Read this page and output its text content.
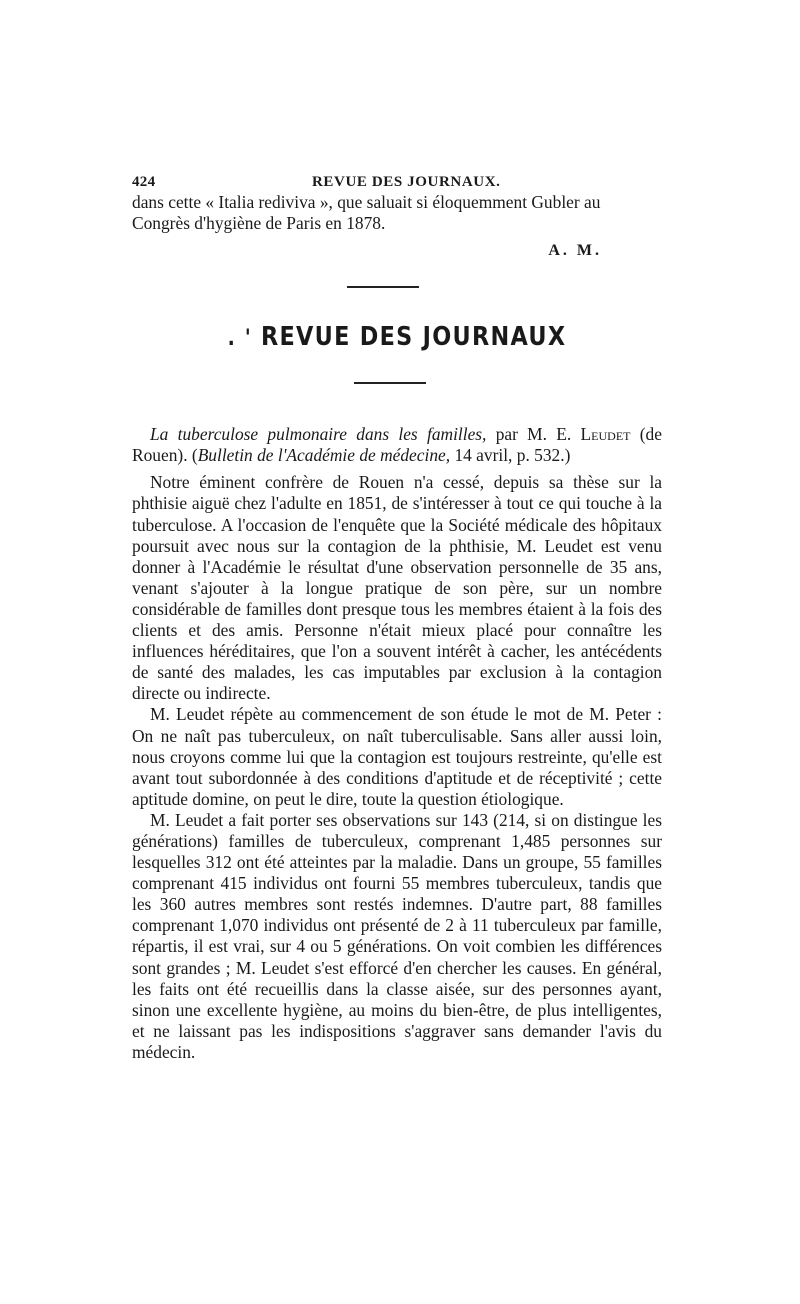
424	REVUE DES JOURNAUX.
dans cette « Italia rediviva », que saluait si éloquemment Gubler au
Congrès d'hygiène de Paris en 1878.
A. M.
. ' REVUE DES JOURNAUX

La tuberculose pulmonaire dans les familles, par M. E. Leudet (de Rouen). (Bulletin de l'Académie de médecine, 14 avril, p. 532.)

Notre éminent confrère de Rouen n'a cessé, depuis sa thèse sur la phthisie aiguë chez l'adulte en 1851, de s'intéresser à tout ce qui touche à la tuberculose. A l'occasion de l'enquête que la Société médicale des hôpitaux poursuit avec nous sur la contagion de la phthisie, M. Leudet est venu donner à l'Académie le résultat d'une observation personnelle de 35 ans, venant s'ajouter à la longue pratique de son père, sur un nombre considérable de familles dont presque tous les membres étaient à la fois des clients et des amis. Personne n'était mieux placé pour connaître les influences héréditaires, que l'on a souvent intérêt à cacher, les antécédents de santé des malades, les cas imputables par exclusion à la contagion directe ou indirecte.

M. Leudet répète au commencement de son étude le mot de M. Peter : On ne naît pas tuberculeux, on naît tuberculisable. Sans aller aussi loin, nous croyons comme lui que la contagion est toujours restreinte, qu'elle est avant tout subordonnée à des conditions d'aptitude et de réceptivité ; cette aptitude domine, on peut le dire, toute la question étiologique.

M. Leudet a fait porter ses observations sur 143 (214, si on distingue les générations) familles de tuberculeux, comprenant 1,485 personnes sur lesquelles 312 ont été atteintes par la maladie. Dans un groupe, 55 familles comprenant 415 individus ont fourni 55 membres tuberculeux, tandis que les 360 autres membres sont restés indemnes. D'autre part, 88 familles comprenant 1,070 individus ont présenté de 2 à 11 tuberculeux par famille, répartis, il est vrai, sur 4 ou 5 générations. On voit combien les différences sont grandes ; M. Leudet s'est efforcé d'en chercher les causes. En général, les faits ont été recueillis dans la classe aisée, sur des personnes ayant, sinon une excellente hygiène, au moins du bien-être, de plus intelligentes, et ne laissant pas les indispositions s'aggraver sans demander l'avis du médecin.
